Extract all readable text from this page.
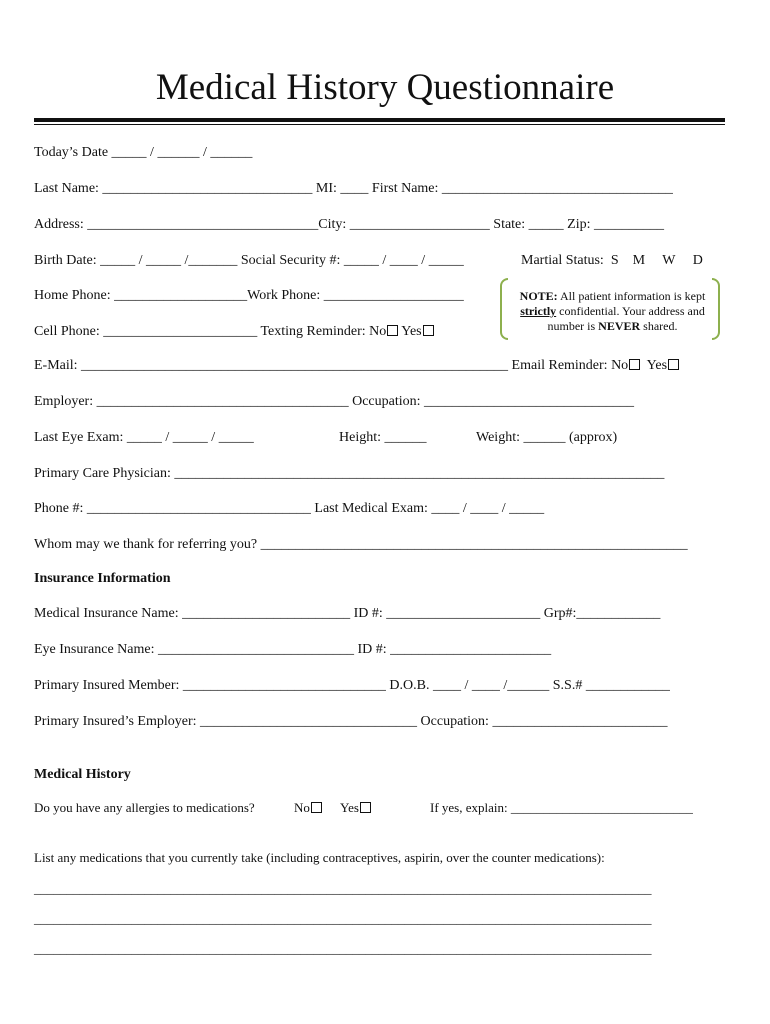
Medical History Questionnaire
Today’s Date _____ / ______ / ______
Last Name: ______________________________ MI: ____ First Name: _________________________________
Address: _________________________________City: ____________________ State: _____ Zip: __________
Birth Date: _____ / _____ /_______ Social Security #: _____ / ____ / _____	Martial Status:  S    M     W     D
Home Phone: ___________________Work Phone: ____________________
Cell Phone: ______________________ Texting Reminder: No Yes
NOTE: All patient information is kept strictly confidential. Your address and number is NEVER shared.
E-Mail: _____________________________________________________________ Email Reminder: No Yes
Employer: ____________________________________ Occupation: ______________________________
Last Eye Exam: _____ / _____ / _____	Height: ______	Weight: ______ (approx)
Primary Care Physician: ______________________________________________________________________
Phone #: ________________________________ Last Medical Exam: ____ / ____ / _____
Whom may we thank for referring you? _____________________________________________________________
Insurance Information
Medical Insurance Name: ________________________ ID #: ______________________ Grp#:____________
Eye Insurance Name: ____________________________ ID #: _______________________
Primary Insured Member: _____________________________ D.O.B. ____ / ____ /______ S.S.# ____________
Primary Insured’s Employer: _______________________________ Occupation: _________________________
Medical History
Do you have any allergies to medications?	No	Yes	If yes, explain: ____________________________
List any medications that you currently take (including contraceptives, aspirin, over the counter medications):
_______________________________________________________________________________________________
_______________________________________________________________________________________________
_______________________________________________________________________________________________
